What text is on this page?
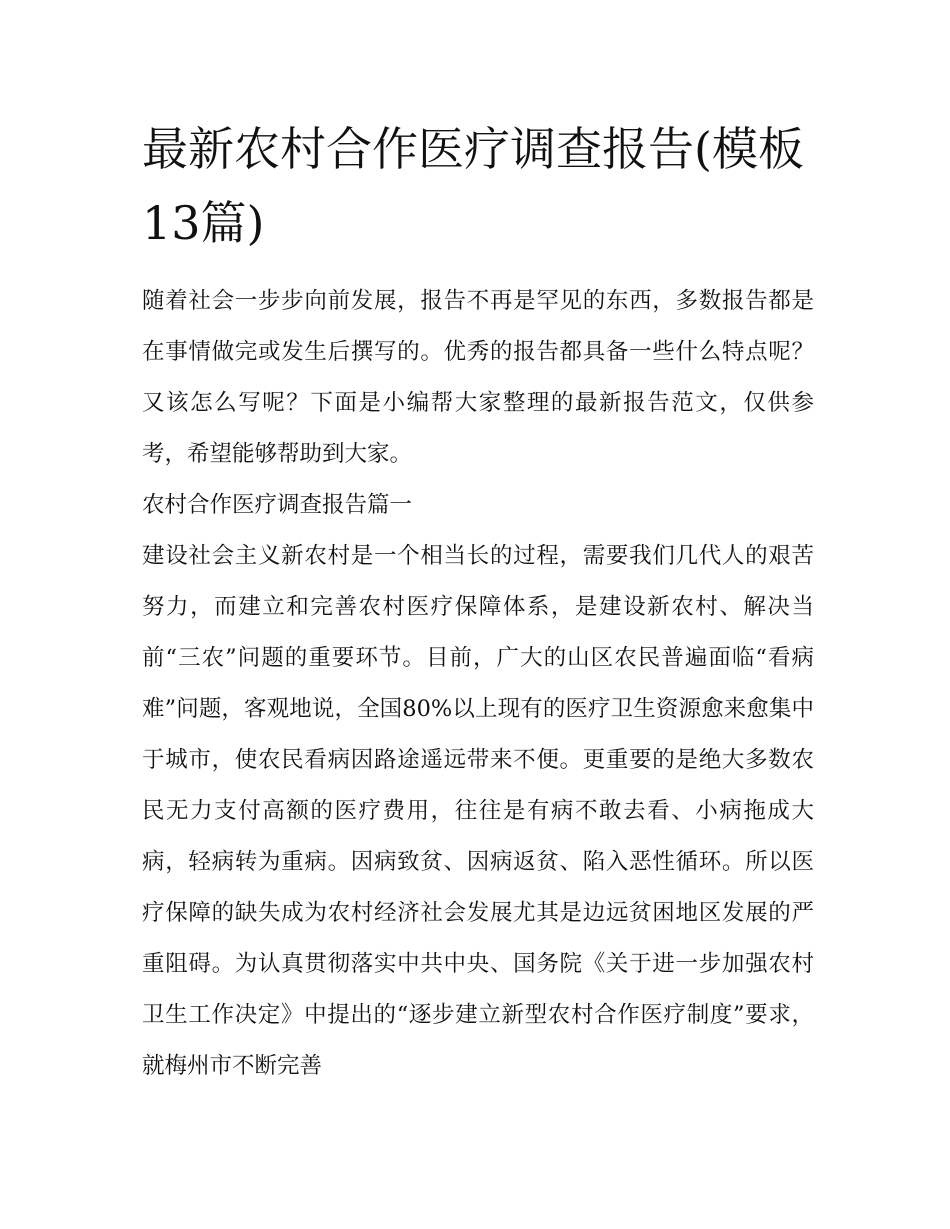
最新农村合作医疗调查报告(模板13篇)

随着社会一步步向前发展，报告不再是罕见的东西，多数报告都是在事情做完或发生后撰写的。优秀的报告都具备一些什么特点呢？又该怎么写呢？下面是小编帮大家整理的最新报告范文，仅供参考，希望能够帮助到大家。

农村合作医疗调查报告篇一

建设社会主义新农村是一个相当长的过程，需要我们几代人的艰苦努力，而建立和完善农村医疗保障体系，是建设新农村、解决当前“三农”问题的重要环节。目前，广大的山区农民普遍面临“看病难”问题，客观地说，全国80%以上现有的医疗卫生资源愈来愈集中于城市，使农民看病因路途遥远带来不便。更重要的是绝大多数农民无力支付高额的医疗费用，往往是有病不敢去看、小病拖成大病，轻病转为重病。因病致贫、因病返贫、陷入恶性循环。所以医疗保障的缺失成为农村经济社会发展尤其是边远贫困地区发展的严重阻碍。为认真贯彻落实中共中央、国务院《关于进一步加强农村卫生工作决定》中提出的“逐步建立新型农村合作医疗制度”要求，就梅州市不断完善
